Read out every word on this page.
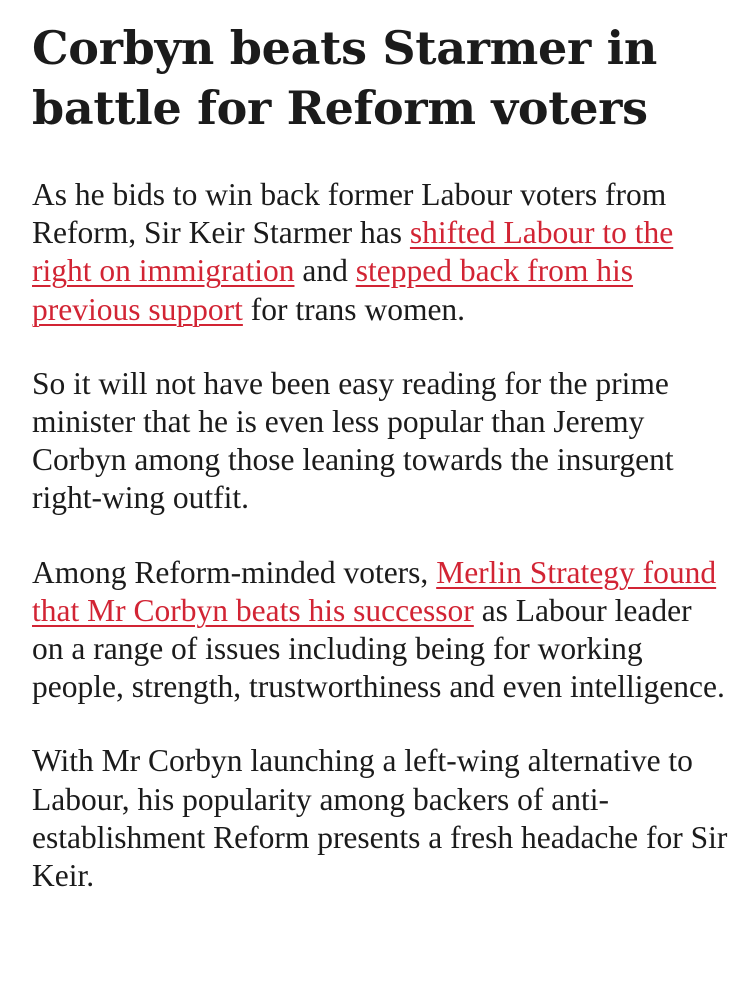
Corbyn beats Starmer in battle for Reform voters

As he bids to win back former Labour voters from Reform, Sir Keir Starmer has shifted Labour to the right on immigration and stepped back from his previous support for trans women.

So it will not have been easy reading for the prime minister that he is even less popular than Jeremy Corbyn among those leaning towards the insurgent right-wing outfit.

Among Reform-minded voters, Merlin Strategy found that Mr Corbyn beats his successor as Labour leader on a range of issues including being for working people, strength, trustworthiness and even intelligence.

With Mr Corbyn launching a left-wing alternative to Labour, his popularity among backers of anti-establishment Reform presents a fresh headache for Sir Keir.
